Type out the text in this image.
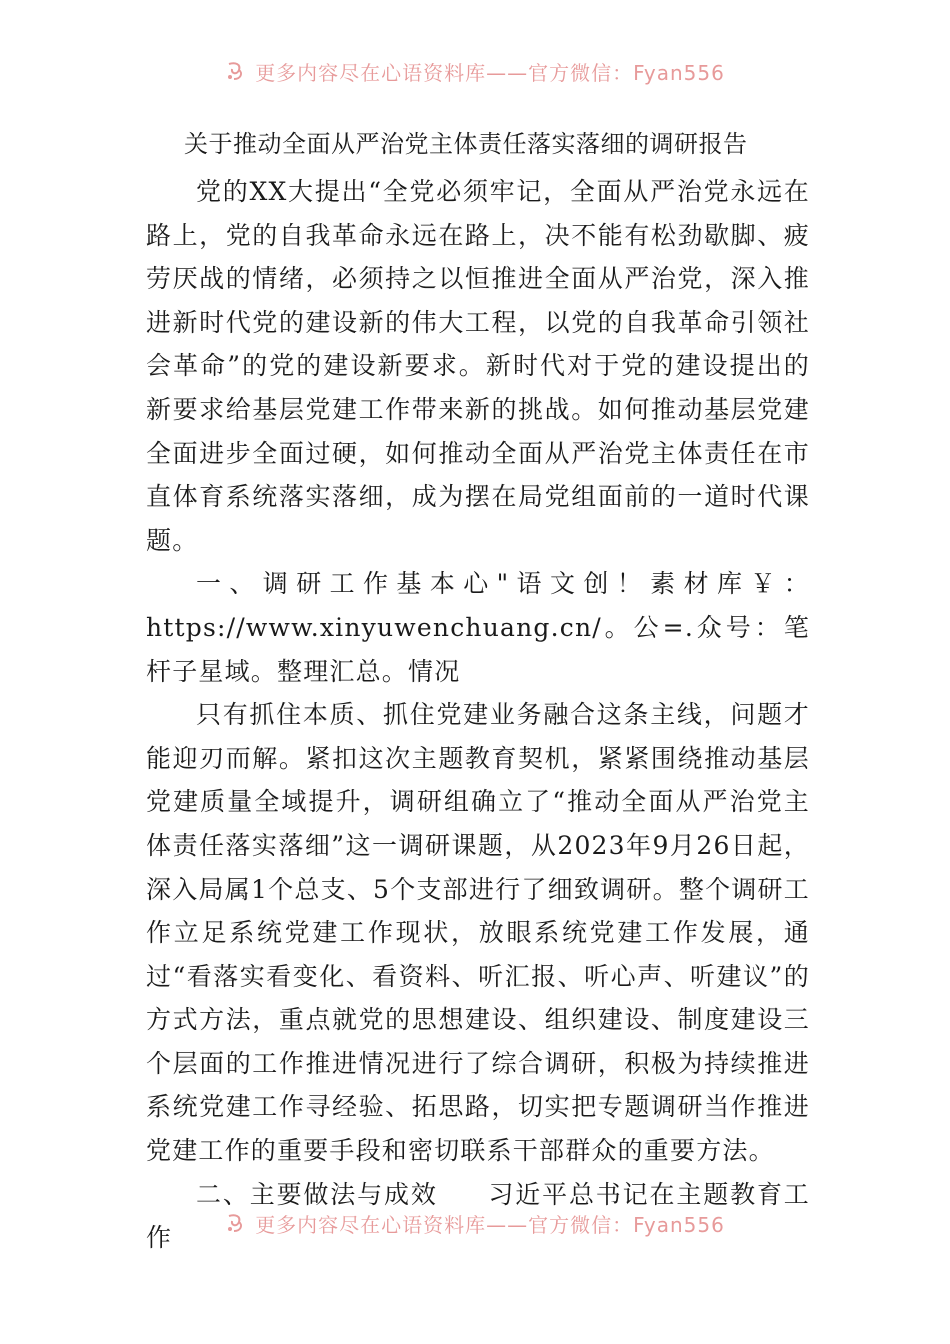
更多内容尽在心语资料库——官方微信：Fyan556
关于推动全面从严治党主体责任落实落细的调研报告

党的XX大提出“全党必须牢记，全面从严治党永远在路上，党的自我革命永远在路上，决不能有松劲歇脚、疲劳厌战的情绪，必须持之以恒推进全面从严治党，深入推进新时代党的建设新的伟大工程，以党的自我革命引领社会革命”的党的建设新要求。新时代对于党的建设提出的新要求给基层党建工作带来新的挑战。如何推动基层党建全面进步全面过硬，如何推动全面从严治党主体责任在市直体育系统落实落细，成为摆在局党组面前的一道时代课题。

一、调研工作基本心"语文创！素材库￥：https://www.xinyuwenchuang.cn/。公=.众号：笔杆子星域。整理汇总。情况

只有抓住本质、抓住党建业务融合这条主线，问题才能迎刃而解。紧扣这次主题教育契机，紧紧围绕推动基层党建质量全域提升，调研组确立了“推动全面从严治党主体责任落实落细”这一调研课题，从2023年9月26日起，深入局属1个总支、5个支部进行了细致调研。整个调研工作立足系统党建工作现状，放眼系统党建工作发展，通过“看落实看变化、看资料、听汇报、听心声、听建议”的方式方法，重点就党的思想建设、组织建设、制度建设三个层面的工作推进情况进行了综合调研，积极为持续推进系统党建工作寻经验、拓思路，切实把专题调研当作推进党建工作的重要手段和密切联系干部群众的重要方法。

二、主要做法与成效 习近平总书记在主题教育工作	更多内容尽在心语资料库——官方微信：Fyan556
